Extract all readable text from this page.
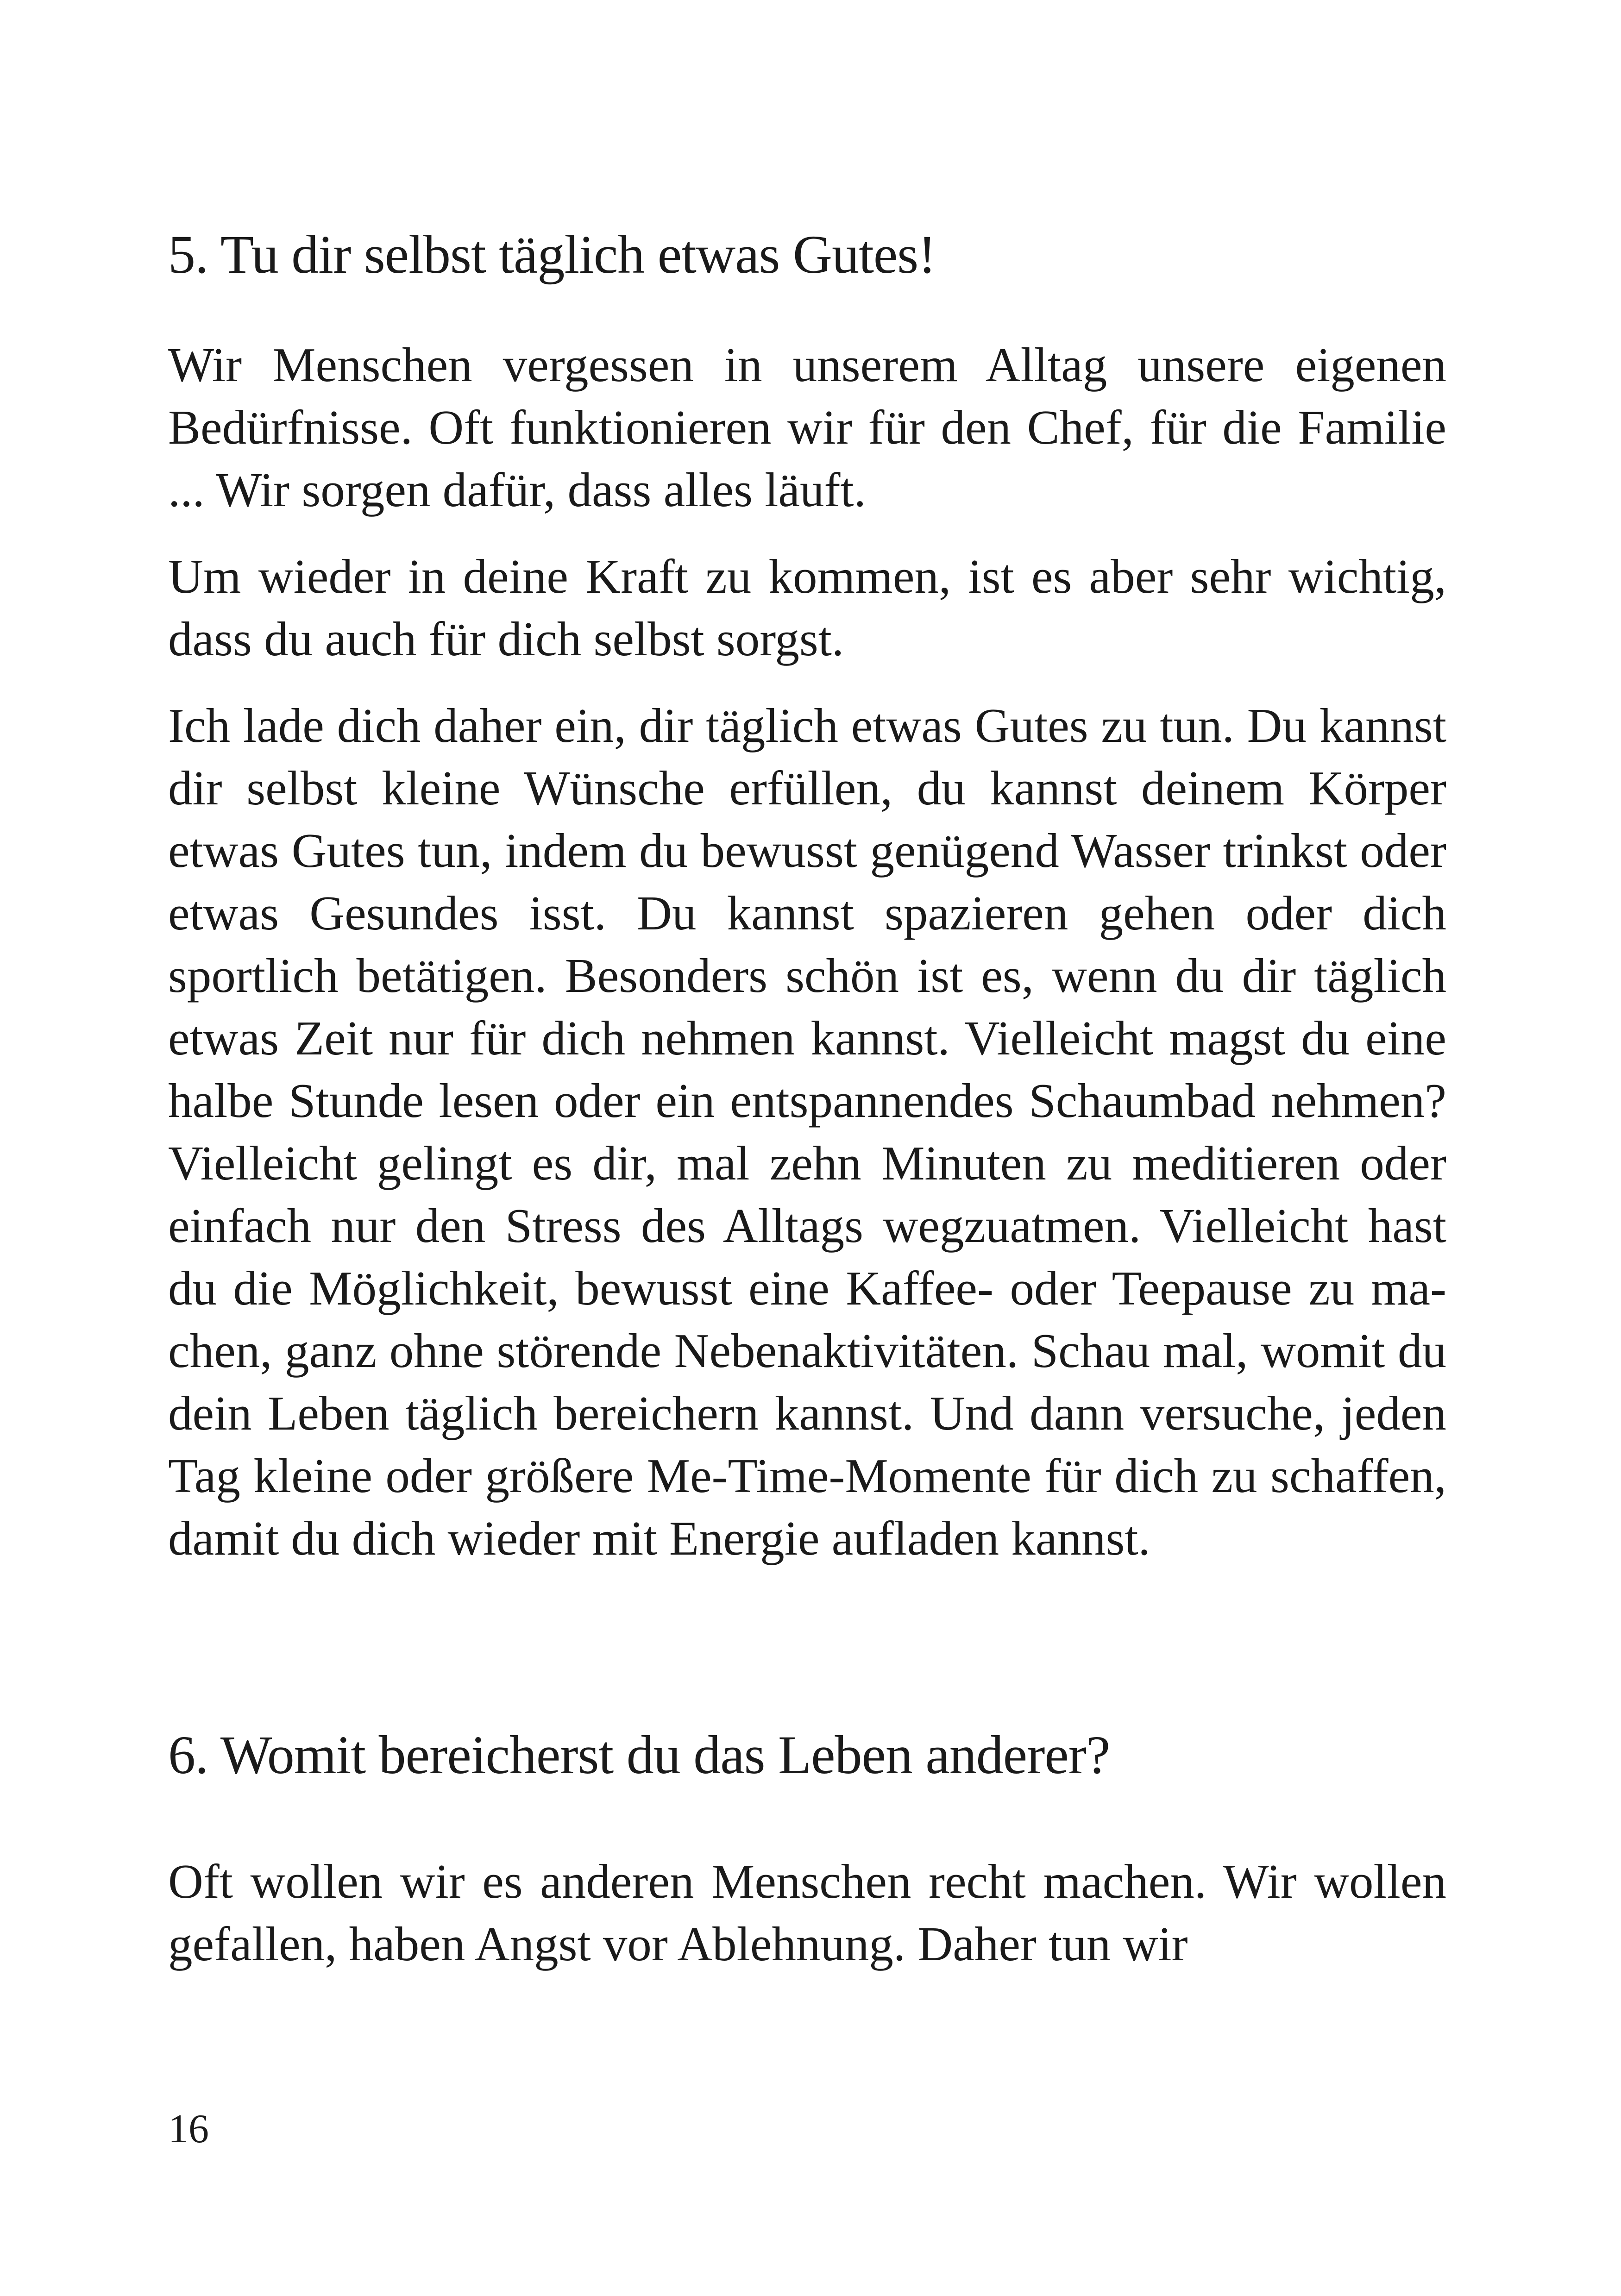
5. Tu dir selbst täglich etwas Gutes!

Wir Menschen vergessen in unserem Alltag unsere eigenen Bedürfnisse. Oft funktionieren wir für den Chef, für die Familie ... Wir sorgen dafür, dass alles läuft.

Um wieder in deine Kraft zu kommen, ist es aber sehr wichtig, dass du auch für dich selbst sorgst.

Ich lade dich daher ein, dir täglich etwas Gutes zu tun. Du kannst dir selbst kleine Wünsche erfüllen, du kannst deinem Körper etwas Gutes tun, indem du bewusst genügend Wasser trinkst oder etwas Gesundes isst. Du kannst spazieren gehen oder dich sportlich betätigen. Besonders schön ist es, wenn du dir täglich etwas Zeit nur für dich nehmen kannst. Vielleicht magst du eine halbe Stunde lesen oder ein entspannendes Schaumbad nehmen? Vielleicht gelingt es dir, mal zehn Minuten zu meditieren oder einfach nur den Stress des Alltags wegzuatmen. Vielleicht hast du die Möglichkeit, bewusst eine Kaffee- oder Teepause zu machen, ganz ohne störende Nebenaktivitäten. Schau mal, womit du dein Leben täglich bereichern kannst. Und dann versuche, jeden Tag kleine oder größere Me-Time-Momente für dich zu schaffen, damit du dich wieder mit Energie aufladen kannst.

6. Womit bereicherst du das Leben anderer?

Oft wollen wir es anderen Menschen recht machen. Wir wollen gefallen, haben Angst vor Ablehnung. Daher tun wir

16
